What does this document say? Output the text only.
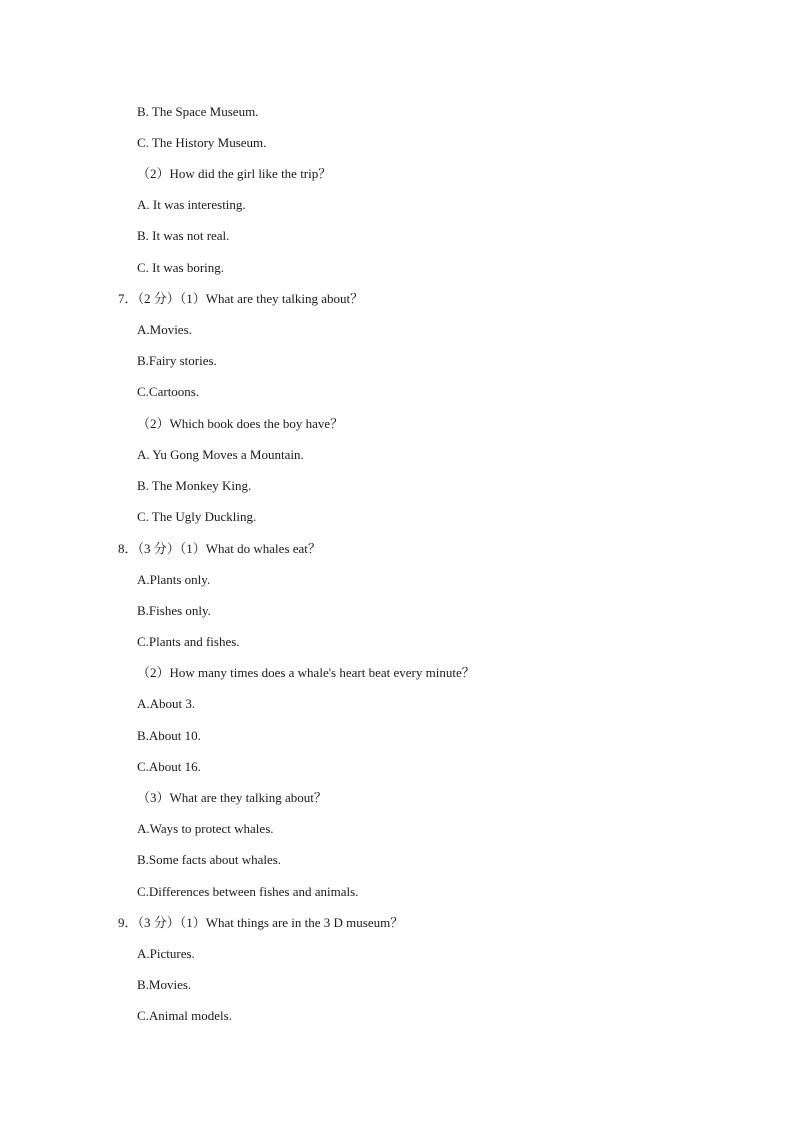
B. The Space Museum.
C. The History Museum.
（2）How did the girl like the trip？
A. It was interesting.
B. It was not real.
C. It was boring.
7．（2 分）（1）What are they talking about？
A.Movies.
B.Fairy stories.
C.Cartoons.
（2）Which book does the boy have？
A. Yu Gong Moves a Mountain.
B. The Monkey King.
C. The Ugly Duckling.
8．（3 分）（1）What do whales eat？
A.Plants only.
B.Fishes only.
C.Plants and fishes.
（2）How many times does a whale's heart beat every minute？
A.About 3.
B.About 10.
C.About 16.
（3）What are they talking about？
A.Ways to protect whales.
B.Some facts about whales.
C.Differences between fishes and animals.
9．（3 分）（1）What things are in the 3 D museum？
A.Pictures.
B.Movies.
C.Animal models.
